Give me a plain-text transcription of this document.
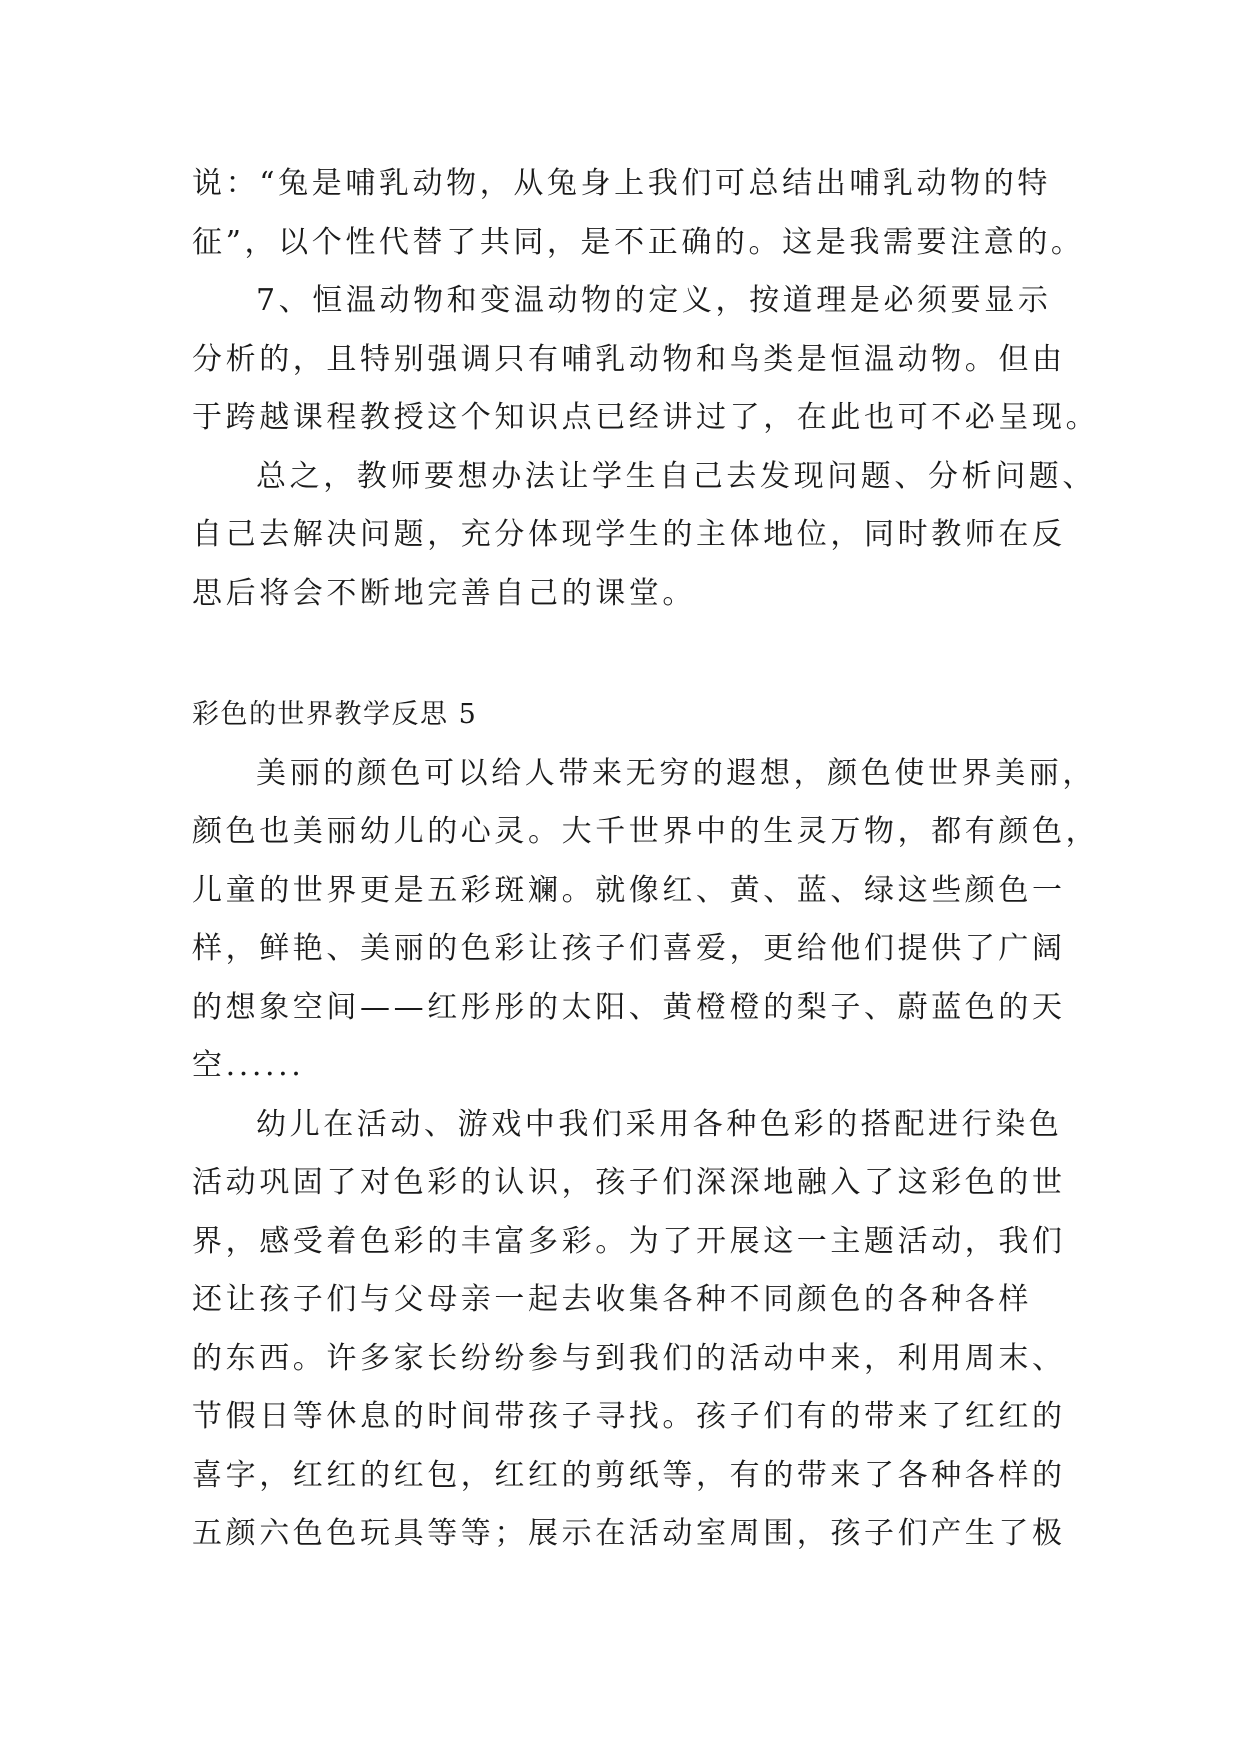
说：“兔是哺乳动物，从兔身上我们可总结出哺乳动物的特
征”，以个性代替了共同，是不正确的。这是我需要注意的。
7、恒温动物和变温动物的定义，按道理是必须要显示
分析的，且特别强调只有哺乳动物和鸟类是恒温动物。但由
于跨越课程教授这个知识点已经讲过了，在此也可不必呈现。
总之，教师要想办法让学生自己去发现问题、分析问题、
自己去解决问题，充分体现学生的主体地位，同时教师在反
思后将会不断地完善自己的课堂。
彩色的世界教学反思 5
美丽的颜色可以给人带来无穷的遐想，颜色使世界美丽，
颜色也美丽幼儿的心灵。大千世界中的生灵万物，都有颜色，
儿童的世界更是五彩斑斓。就像红、黄、蓝、绿这些颜色一
样，鲜艳、美丽的色彩让孩子们喜爱，更给他们提供了广阔
的想象空间——红彤彤的太阳、黄橙橙的梨子、蔚蓝色的天
空......
幼儿在活动、游戏中我们采用各种色彩的搭配进行染色
活动巩固了对色彩的认识，孩子们深深地融入了这彩色的世
界，感受着色彩的丰富多彩。为了开展这一主题活动，我们
还让孩子们与父母亲一起去收集各种不同颜色的各种各样
的东西。许多家长纷纷参与到我们的活动中来，利用周末、
节假日等休息的时间带孩子寻找。孩子们有的带来了红红的
喜字，红红的红包，红红的剪纸等，有的带来了各种各样的
五颜六色色玩具等等；展示在活动室周围，孩子们产生了极
